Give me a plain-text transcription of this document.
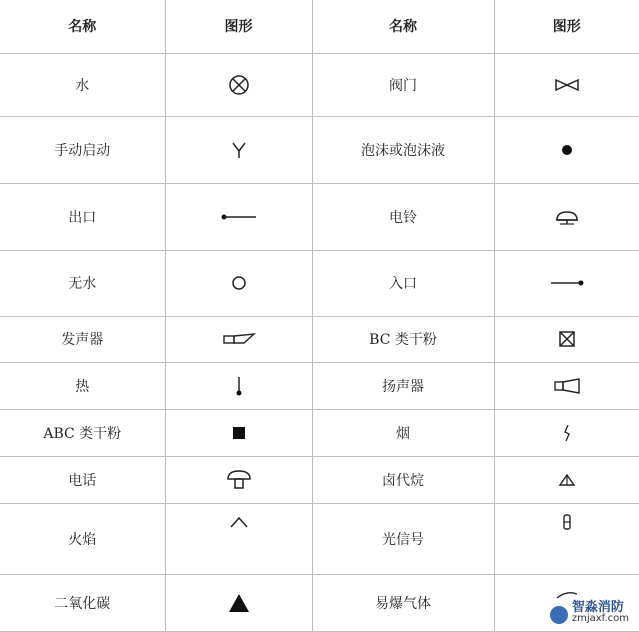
名称	图形	名称	图形
水		阀门	

手动启动		泡沫或泡沫液	

出口		电铃	

无水		入口	

发声器		BC 类干粉	

热		扬声器	

ABC 类干粉		烟	

电话		卤代烷	

火焰		光信号	

二氧化碳		易爆气体		智淼消防
zmjaxf.com
